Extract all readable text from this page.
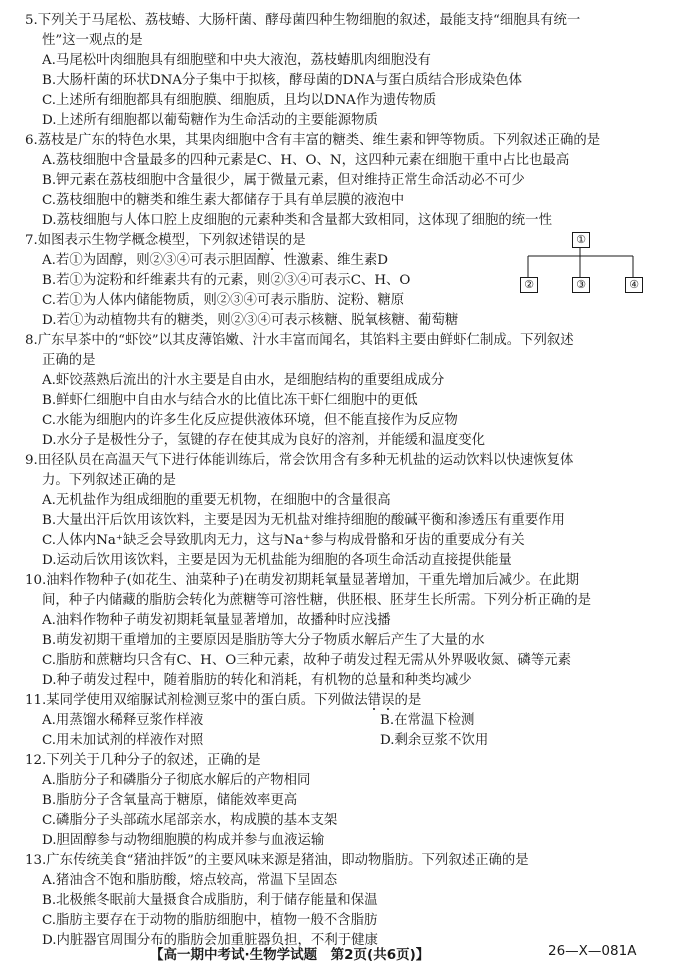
5.下列关于马尾松、荔枝蝽、大肠杆菌、酵母菌四种生物细胞的叙述，最能支持“细胞具有统一
性”这一观点的是
A.马尾松叶肉细胞具有细胞壁和中央大液泡，荔枝蝽肌肉细胞没有
B.大肠杆菌的环状DNA分子集中于拟核，酵母菌的DNA与蛋白质结合形成染色体
C.上述所有细胞都具有细胞膜、细胞质，且均以DNA作为遗传物质
D.上述所有细胞都以葡萄糖作为生命活动的主要能源物质
6.荔枝是广东的特色水果，其果肉细胞中含有丰富的糖类、维生素和钾等物质。下列叙述正确的是
A.荔枝细胞中含量最多的四种元素是C、H、O、N，这四种元素在细胞干重中占比也最高
B.钾元素在荔枝细胞中含量很少，属于微量元素，但对维持正常生命活动必不可少
C.荔枝细胞中的糖类和维生素大都储存于具有单层膜的液泡中
D.荔枝细胞与人体口腔上皮细胞的元素种类和含量都大致相同，这体现了细胞的统一性
7.如图表示生物学概念模型，下列叙述错误的是
A.若①为固醇，则②③④可表示胆固醇、性激素、维生素D
B.若①为淀粉和纤维素共有的元素，则②③④可表示C、H、O
C.若①为人体内储能物质，则②③④可表示脂肪、淀粉、糖原
D.若①为动植物共有的糖类，则②③④可表示核糖、脱氧核糖、葡萄糖
①
②	③	④
8.广东早茶中的“虾饺”以其皮薄馅嫩、汁水丰富而闻名，其馅料主要由鲜虾仁制成。下列叙述
正确的是
A.虾饺蒸熟后流出的汁水主要是自由水，是细胞结构的重要组成成分
B.鲜虾仁细胞中自由水与结合水的比值比冻干虾仁细胞中的更低
C.水能为细胞内的许多生化反应提供液体环境，但不能直接作为反应物
D.水分子是极性分子，氢键的存在使其成为良好的溶剂，并能缓和温度变化
9.田径队员在高温天气下进行体能训练后，常会饮用含有多种无机盐的运动饮料以快速恢复体
力。下列叙述正确的是
A.无机盐作为组成细胞的重要无机物，在细胞中的含量很高
B.大量出汗后饮用该饮料，主要是因为无机盐对维持细胞的酸碱平衡和渗透压有重要作用
C.人体内Na⁺缺乏会导致肌肉无力，这与Na⁺参与构成骨骼和牙齿的重要成分有关
D.运动后饮用该饮料，主要是因为无机盐能为细胞的各项生命活动直接提供能量
10.油料作物种子(如花生、油菜种子)在萌发初期耗氧量显著增加，干重先增加后减少。在此期
间，种子内储藏的脂肪会转化为蔗糖等可溶性糖，供胚根、胚芽生长所需。下列分析正确的是
A.油料作物种子萌发初期耗氧量显著增加，故播种时应浅播
B.萌发初期干重增加的主要原因是脂肪等大分子物质水解后产生了大量的水
C.脂肪和蔗糖均只含有C、H、O三种元素，故种子萌发过程无需从外界吸收氮、磷等元素
D.种子萌发过程中，随着脂肪的转化和消耗，有机物的总量和种类均减少
11.某同学使用双缩脲试剂检测豆浆中的蛋白质。下列做法错误的是
A.用蒸馏水稀释豆浆作样液	B.在常温下检测
C.用未加试剂的样液作对照	D.剩余豆浆不饮用
12.下列关于几种分子的叙述，正确的是
A.脂肪分子和磷脂分子彻底水解后的产物相同
B.脂肪分子含氧量高于糖原，储能效率更高
C.磷脂分子头部疏水尾部亲水，构成膜的基本支架
D.胆固醇参与动物细胞膜的构成并参与血液运输
13.广东传统美食“猪油拌饭”的主要风味来源是猪油，即动物脂肪。下列叙述正确的是
A.猪油含不饱和脂肪酸，熔点较高，常温下呈固态
B.北极熊冬眠前大量摄食合成脂肪，利于储存能量和保温
C.脂肪主要存在于动物的脂肪细胞中，植物一般不含脂肪
D.内脏器官周围分布的脂肪会加重脏器负担，不利于健康
【高一期中考试·生物学试题　第2页(共6页)】	26—X—081A
